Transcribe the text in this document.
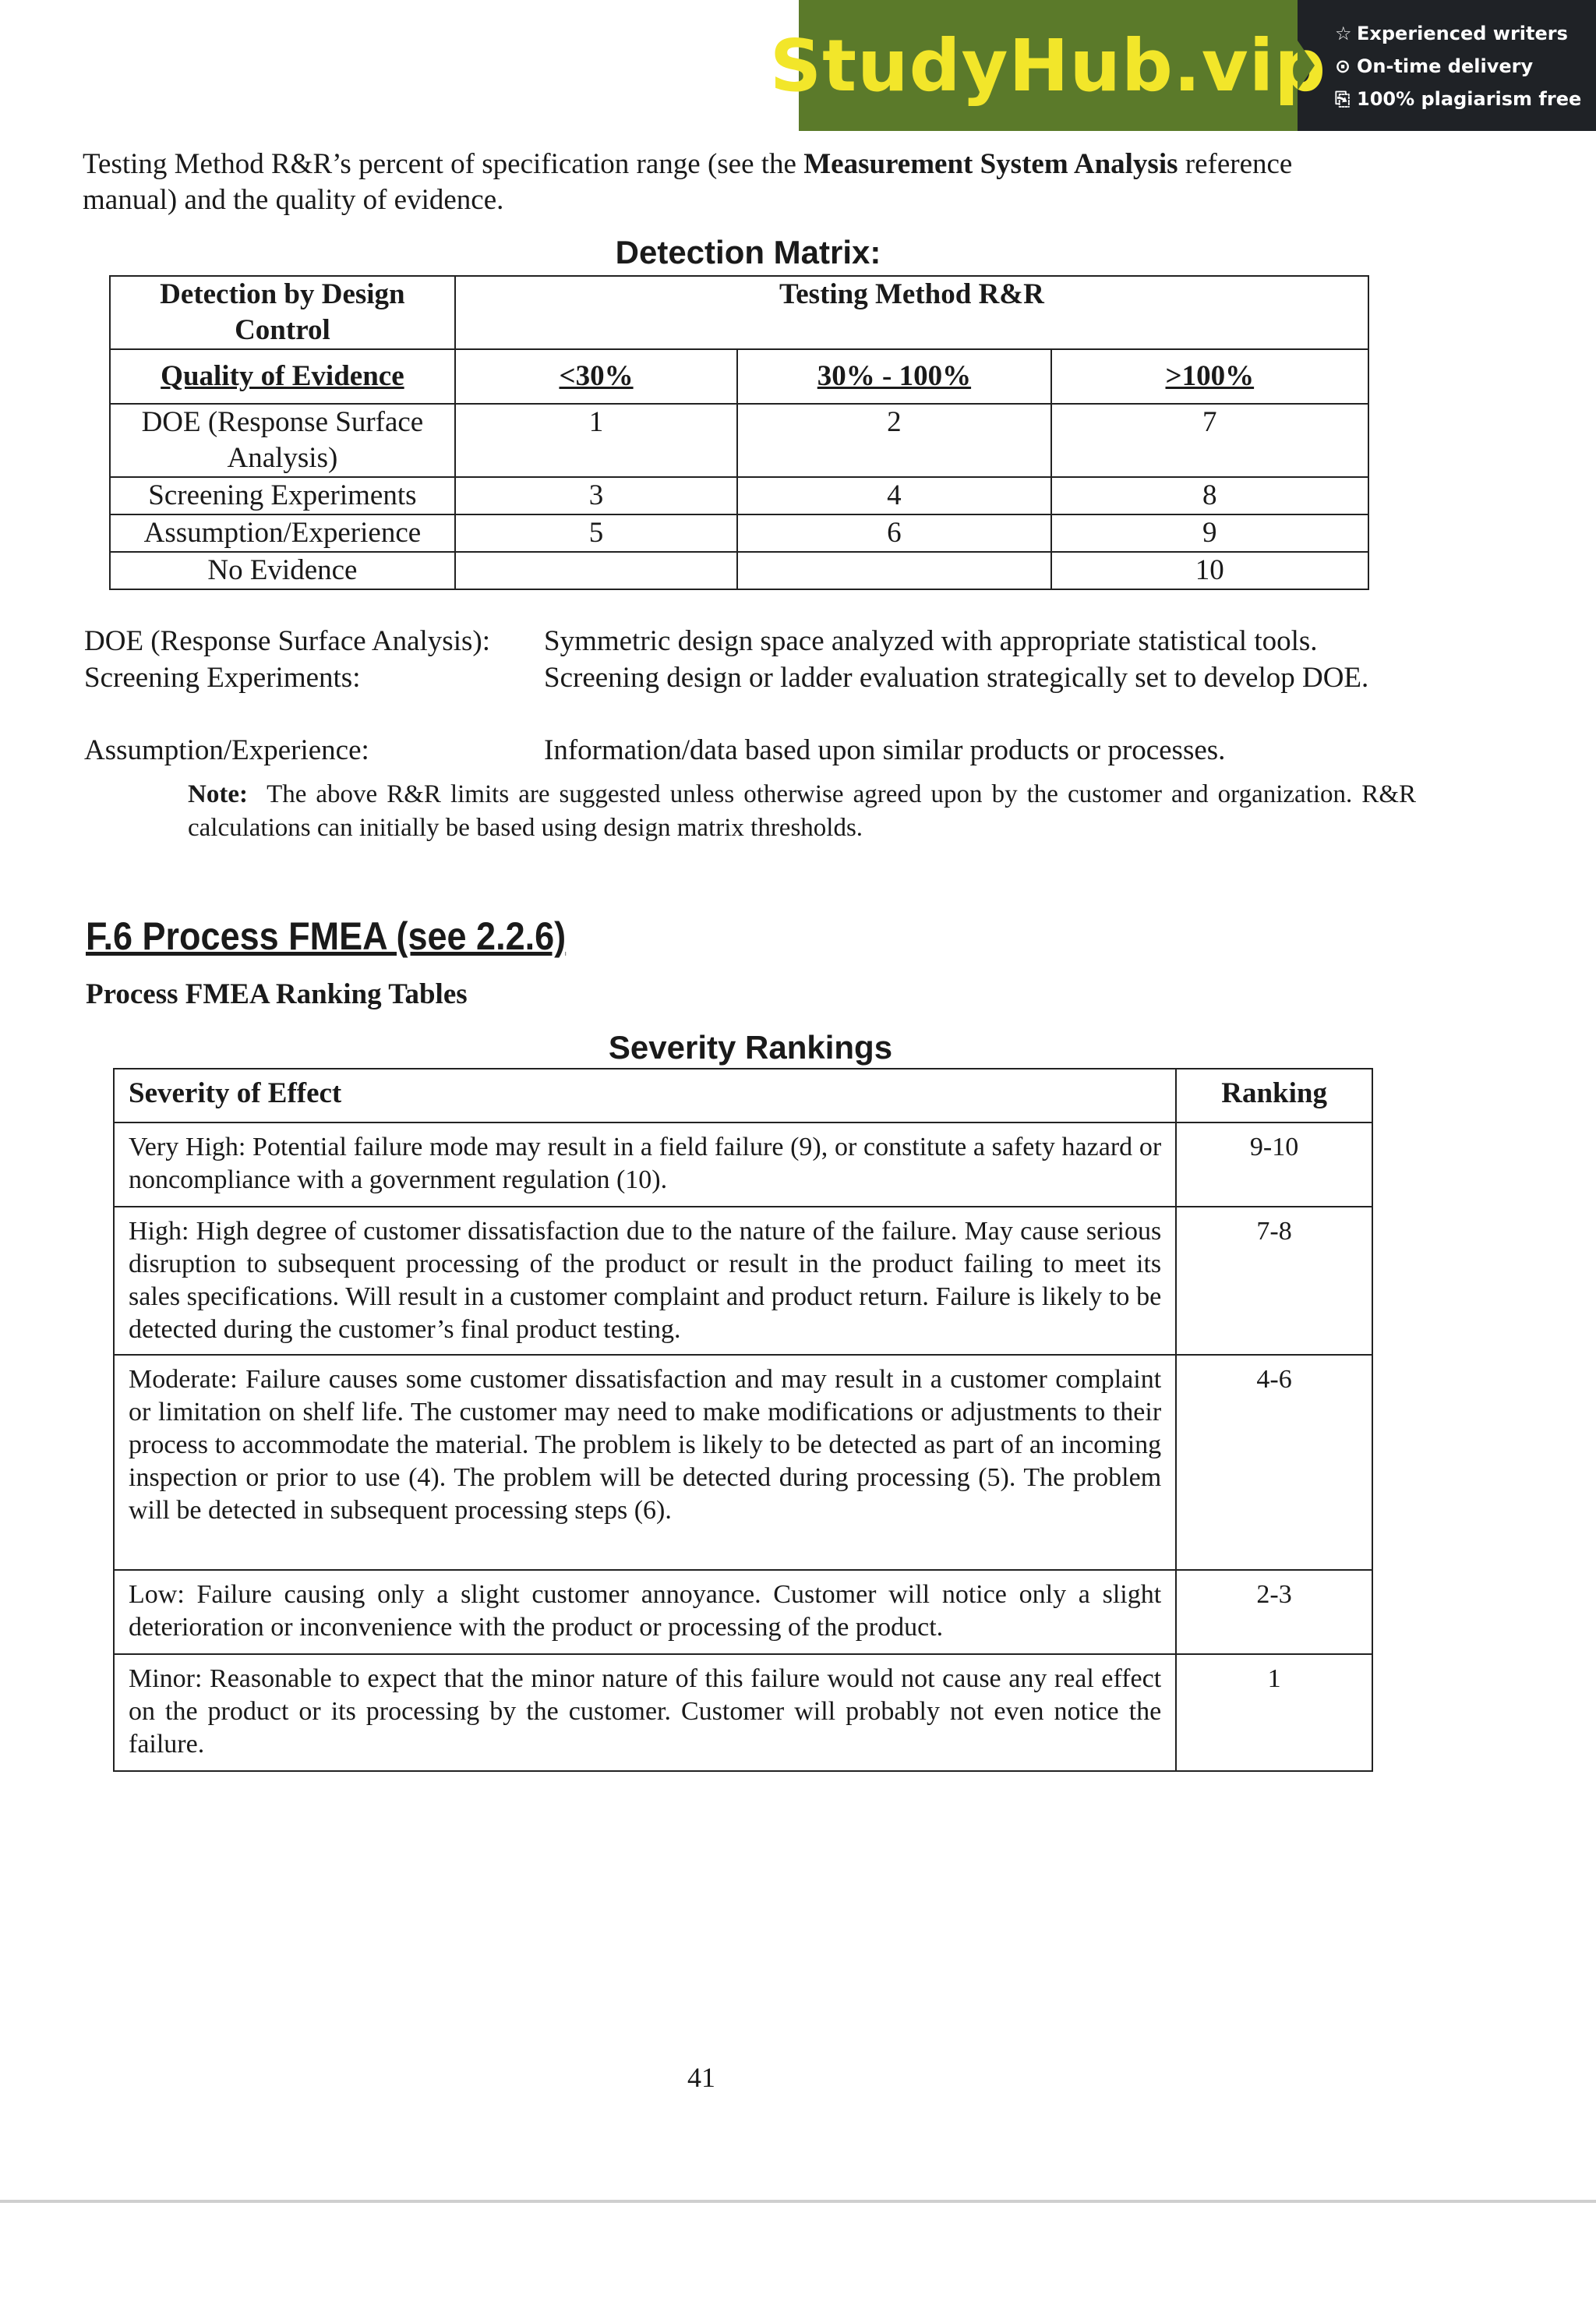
StudyHub.vip ☆ Experienced writers
⊙ On-time delivery
⎘ 100% plagiarism free
Testing Method R&R’s percent of specification range (see the Measurement System Analysis reference
manual) and the quality of evidence.
Detection Matrix:
Detection by Design Control	Testing Method R&R		
Quality of Evidence	<30%	30% - 100%	>100%
DOE (Response Surface Analysis)	1	2	7
Screening Experiments	3	4	8
Assumption/Experience	5	6	9
No Evidence			10
DOE (Response Surface Analysis): Symmetric design space analyzed with appropriate statistical tools.
Screening Experiments:	Screening design or ladder evaluation strategically set to develop DOE.
Assumption/Experience:	Information/data based upon similar products or processes.
Note: The above R&R limits are suggested unless otherwise agreed upon by the customer and organization. R&R calculations can initially be based using design matrix thresholds.
F.6 Process FMEA (see 2.2.6)
Process FMEA Ranking Tables
Severity Rankings
Severity of Effect	Ranking
Very High: Potential failure mode may result in a field failure (9), or constitute a safety hazard or noncompliance with a government regulation (10).	9-10
High: High degree of customer dissatisfaction due to the nature of the failure. May cause serious disruption to subsequent processing of the product or result in the product failing to meet its sales specifications. Will result in a customer complaint and product return. Failure is likely to be detected during the customer’s final product testing.	7-8
Moderate: Failure causes some customer dissatisfaction and may result in a customer complaint or limitation on shelf life. The customer may need to make modifications or adjustments to their process to accommodate the material. The problem is likely to be detected as part of an incoming inspection or prior to use (4). The problem will be detected during processing (5). The problem will be detected in subsequent processing steps (6).	4-6
Low: Failure causing only a slight customer annoyance. Customer will notice only a slight deterioration or inconvenience with the product or processing of the product.	2-3
Minor: Reasonable to expect that the minor nature of this failure would not cause any real effect on the product or its processing by the customer. Customer will probably not even notice the failure.	1
41
